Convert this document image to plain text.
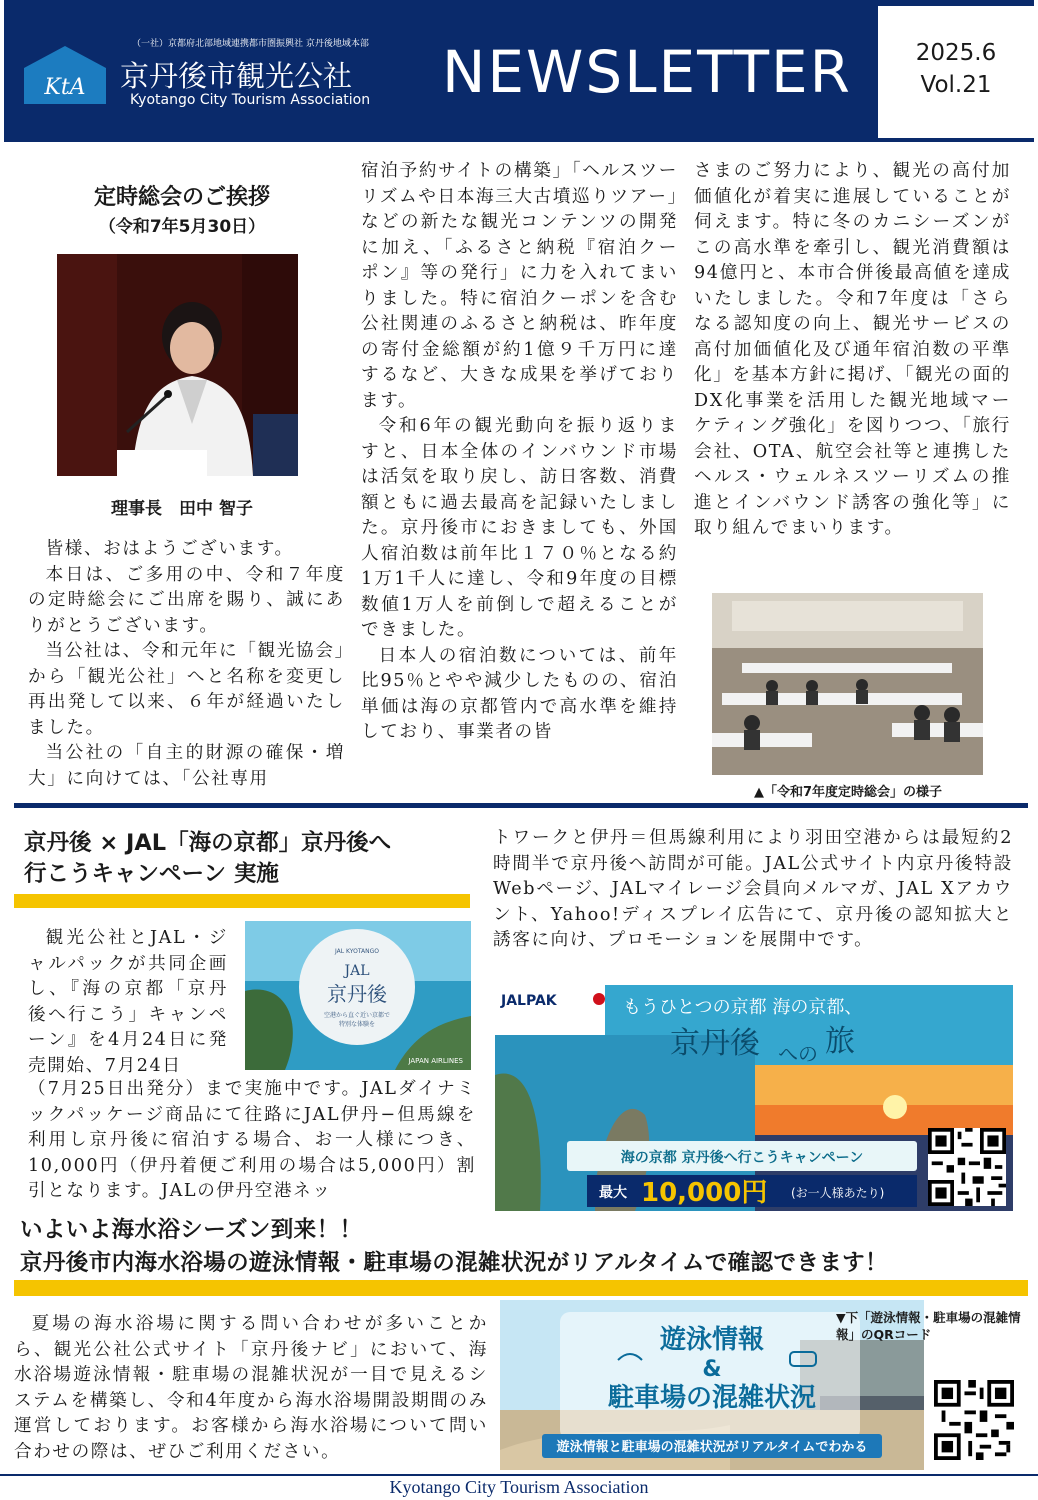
（一社）京都府北部地域連携都市圏振興社 京丹後地域本部
KtA 京丹後市観光公社
Kyotango City Tourism Association NEWSLETTER	2025.6
Vol.21
定時総会のご挨拶
（令和7年5月30日）
理事長　田中 智子

皆様、おはようございます。

本日は、ご多用の中、令和７年度の定時総会にご出席を賜り、誠にありがとうございます。

当公社は、令和元年に「観光協会」から「観光公社」へと名称を変更し再出発して以来、６年が経過いたしました。

当公社の「自主的財源の確保・増大」に向けては、「公社専用

宿泊予約サイトの構築」「ヘルスツーリズムや日本海三大古墳巡りツアー」などの新たな観光コンテンツの開発に加え、「ふるさと納税『宿泊クーポン』等の発行」に力を入れてまいりました。特に宿泊クーポンを含む公社関連のふるさと納税は、昨年度の寄付金総額が約1億９千万円に達するなど、大きな成果を挙げております。

令和6年の観光動向を振り返りますと、日本全体のインバウンド市場は活気を取り戻し、訪日客数、消費額ともに過去最高を記録いたしました。京丹後市におきましても、外国人宿泊数は前年比１７０％となる約1万1千人に達し、令和9年度の目標数値1万人を前倒しで超えることができました。

日本人の宿泊数については、前年比95％とやや減少したものの、宿泊単価は海の京都管内で高水準を維持しており、事業者の皆

さまのご努力により、観光の高付加価値化が着実に進展していることが伺えます。特に冬のカニシーズンがこの高水準を牽引し、観光消費額は94億円と、本市合併後最高値を達成いたしました。令和7年度は「さらなる認知度の向上、観光サービスの高付加価値化及び通年宿泊数の平準化」を基本方針に掲げ、「観光の面的DX化事業を活用した観光地域マーケティング強化」を図りつつ、「旅行会社、OTA、航空会社等と連携したヘルス・ウェルネスツーリズムの推進とインバウンド誘客の強化等」に取り組んでまいります。

▲「令和7年度定時総会」の様子
京丹後 × JAL「海の京都」京丹後へ
行こうキャンペーン 実施

観光公社とJAL・ジャルパックが共同企画し、『海の京都「京丹後へ行こう」キャンペーン』を4月24日に発売開始、7月24日

JAL KYOTANGO
JAL
京丹後
空港から直ぐ近い京都で
特別な体験を
JAPAN AIRLINES

（7月25日出発分）まで実施中です。JALダイナミックパッケージ商品にて往路にJAL伊丹−但馬線を利用し京丹後に宿泊する場合、お一人様につき、10,000円（伊丹着便ご利用の場合は5,000円）割引となります。JALの伊丹空港ネッ

トワークと伊丹＝但馬線利用により羽田空港からは最短約2時間半で京丹後へ訪問が可能。JAL公式サイト内京丹後特設Webページ、JALマイレージ会員向メルマガ、JAL Xアカウント、Yahoo!ディスプレイ広告にて、京丹後の認知拡大と誘客に向け、プロモーションを展開中です。

JALPAK	もうひとつの京都 海の京都、
京丹後 への 旅
海の京都 京丹後へ行こうキャンペーン
最大 10,000円 (お一人様あたり)
いよいよ海水浴シーズン到来！！
京丹後市内海水浴場の遊泳情報・駐車場の混雑状況がリアルタイムで確認できます！

夏場の海水浴場に関する問い合わせが多いことから、観光公社公式サイト「京丹後ナビ」において、海水浴場遊泳情報・駐車場の混雑状況が一目で見えるシステムを構築し、令和4年度から海水浴場開設期間のみ運営しております。お客様から海水浴場について問い合わせの際は、ぜひご利用ください。

遊泳情報
&
駐車場の混雑状況
遊泳情報と駐車場の混雑状況がリアルタイムでわかる
▼下「遊泳情報・駐車場の混雑情報」のQRコード
Kyotango City Tourism Association
